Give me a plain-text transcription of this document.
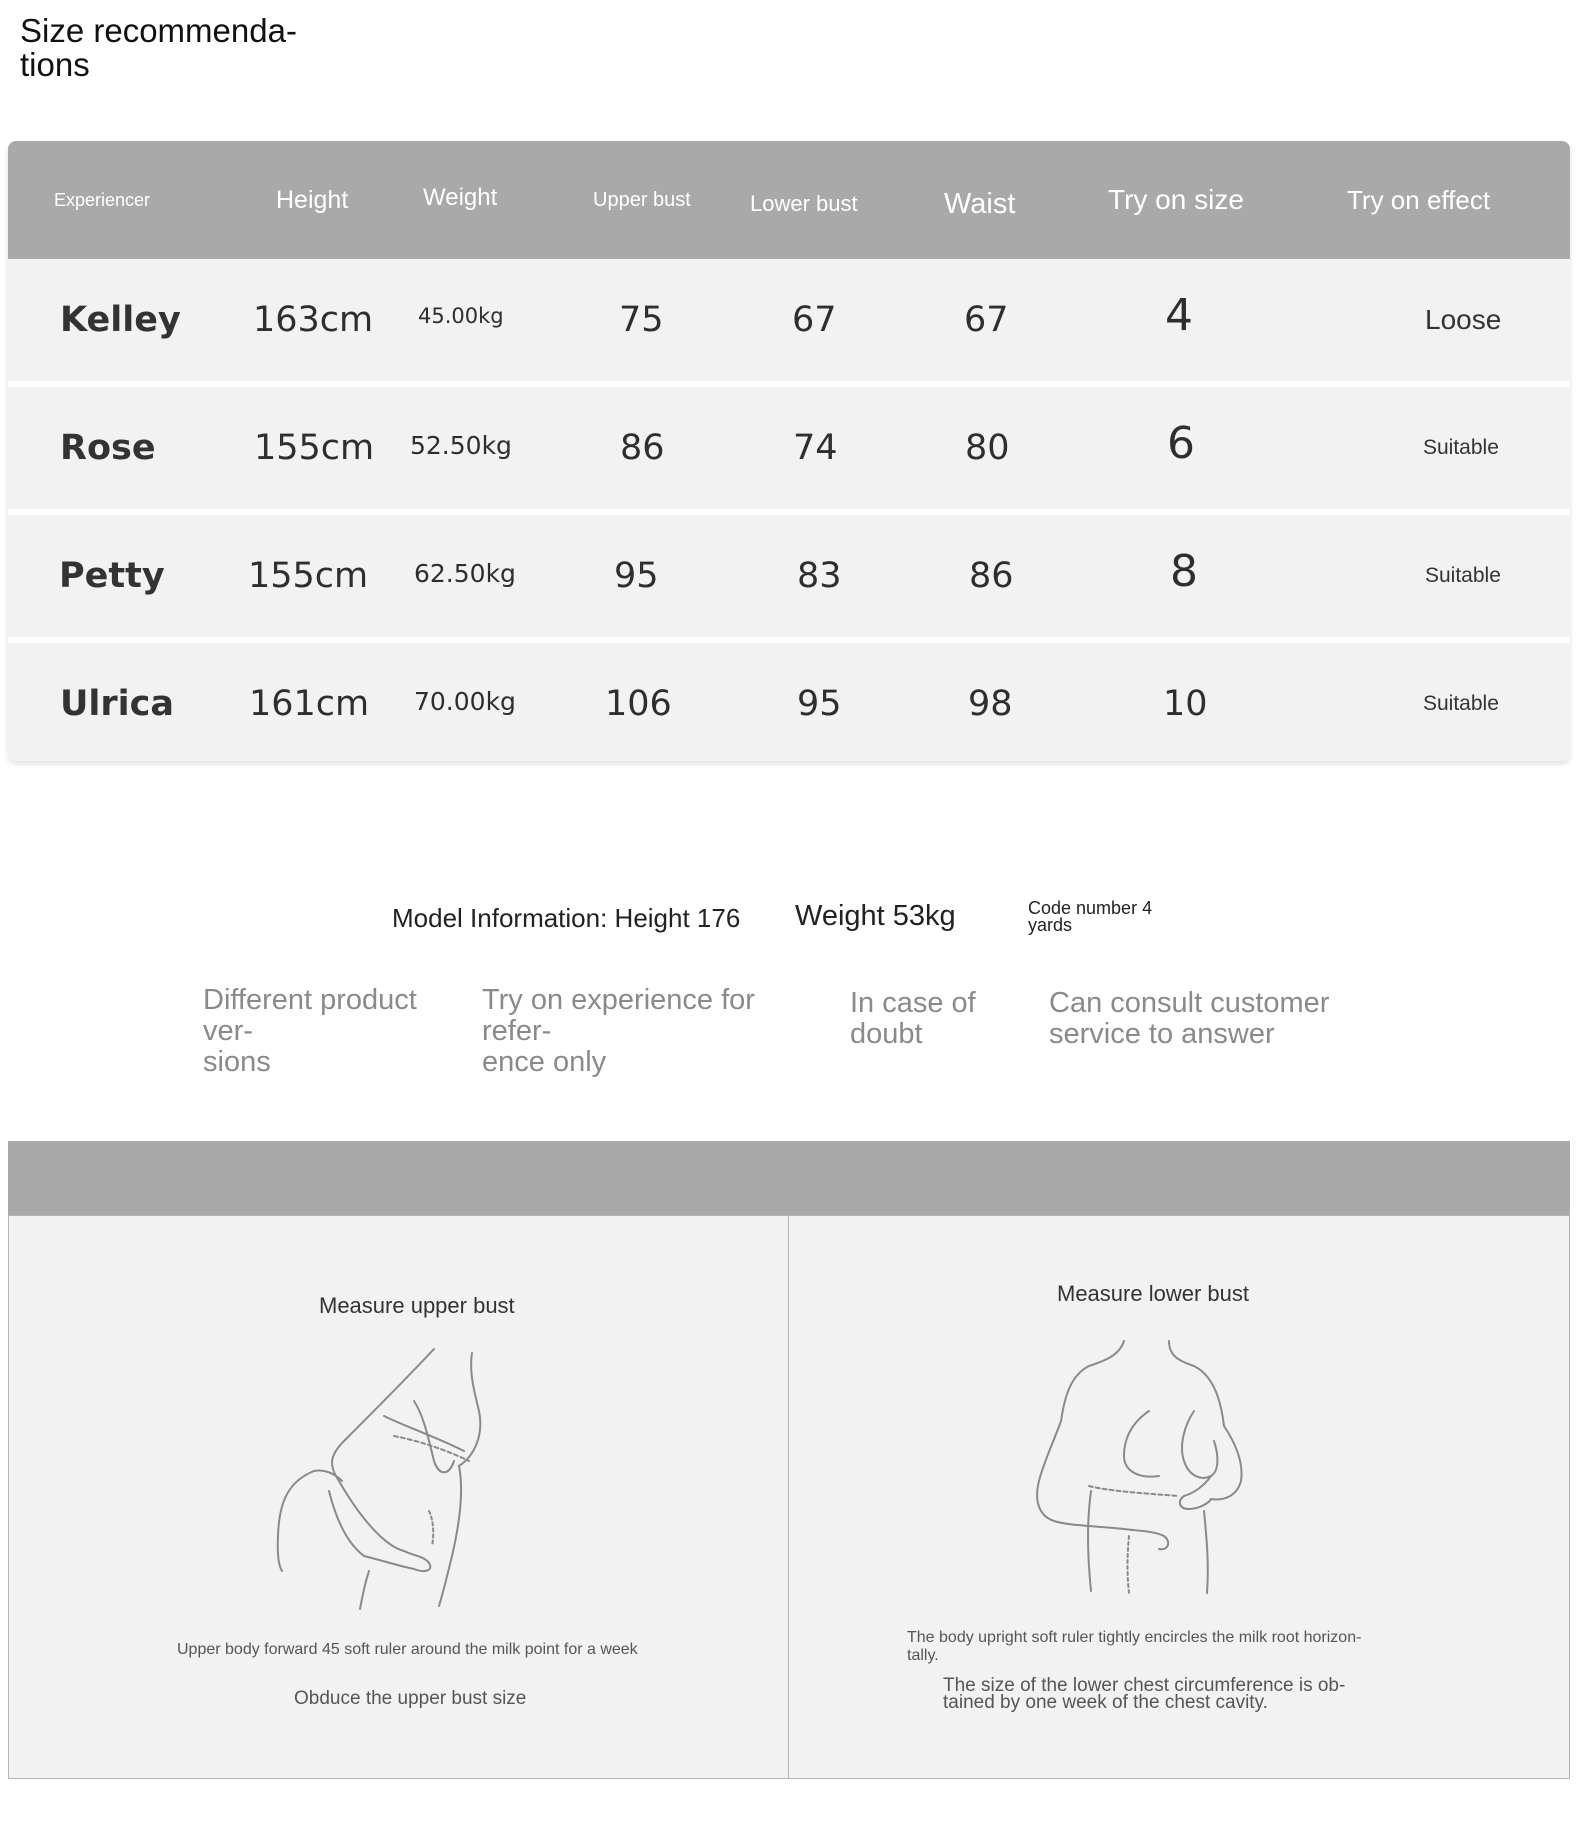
Size recommenda-
tions
Experiencer	Height	Weight	Upper bust	Lower bust	Waist	Try on size	Try on effect
Kelley 163cm 45.00kg	75	67	67	4	Loose
Rose	155cm 52.50kg	86	74	80	6	Suitable
Petty 155cm 62.50kg	95	83	86	8	Suitable
Ulrica 161cm 70.00kg	106	95	98	10	Suitable
Model Information: Height 176 Weight 53kg	Code number 4 yards
Different product ver-
sions
Try on experience for refer-
ence only
In case of doubt
Can consult customer service to answer
Measure upper bust
Upper body forward 45 soft ruler around the milk point for a week
Obduce the upper bust size
Measure lower bust
The body upright soft ruler tightly encircles the milk root horizon-
tally.
The size of the lower chest circumference is ob-
tained by one week of the chest cavity.
